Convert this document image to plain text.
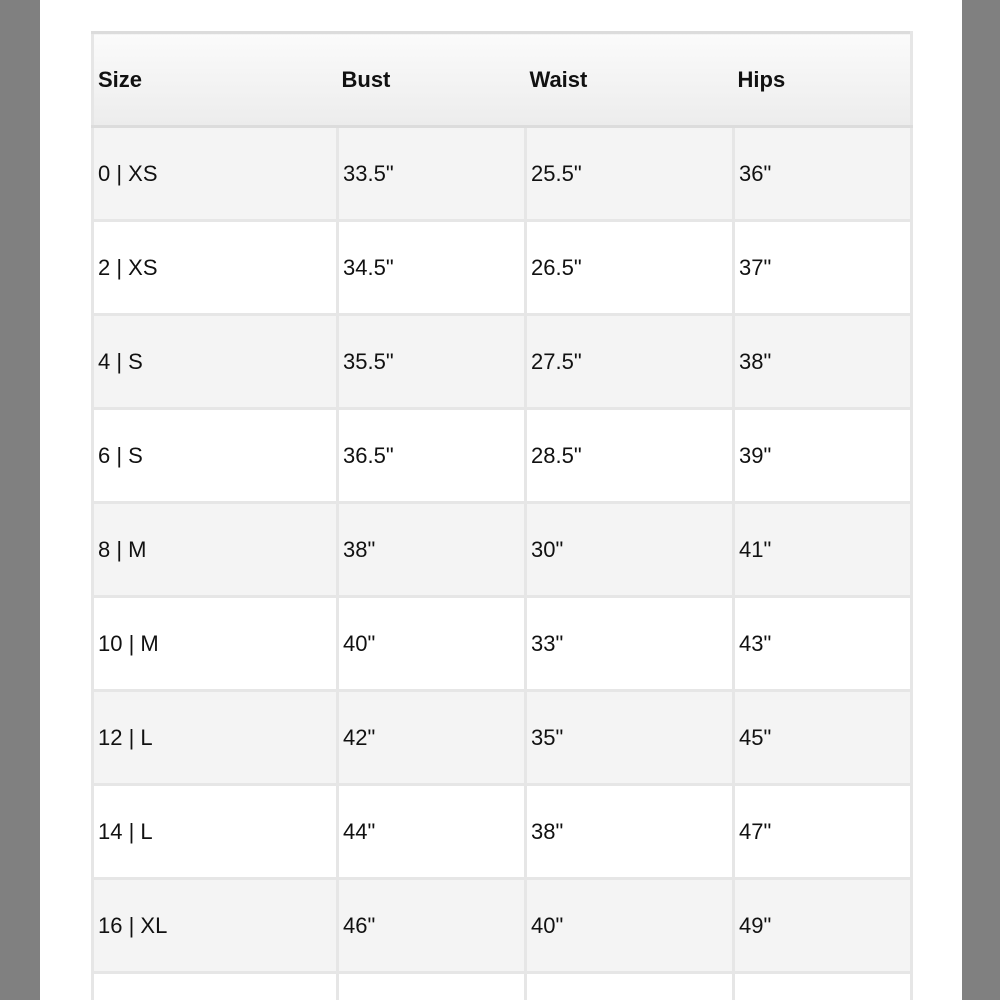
Size	Bust	Waist	Hips
0 | XS	33.5"	25.5"	36"
2 | XS	34.5"	26.5"	37"
4 | S	35.5"	27.5"	38"
6 | S	36.5"	28.5"	39"
8 | M	38"	30"	41"
10 | M	40"	33"	43"
12 | L	42"	35"	45"
14 | L	44"	38"	47"
16 | XL	46"	40"	49"
